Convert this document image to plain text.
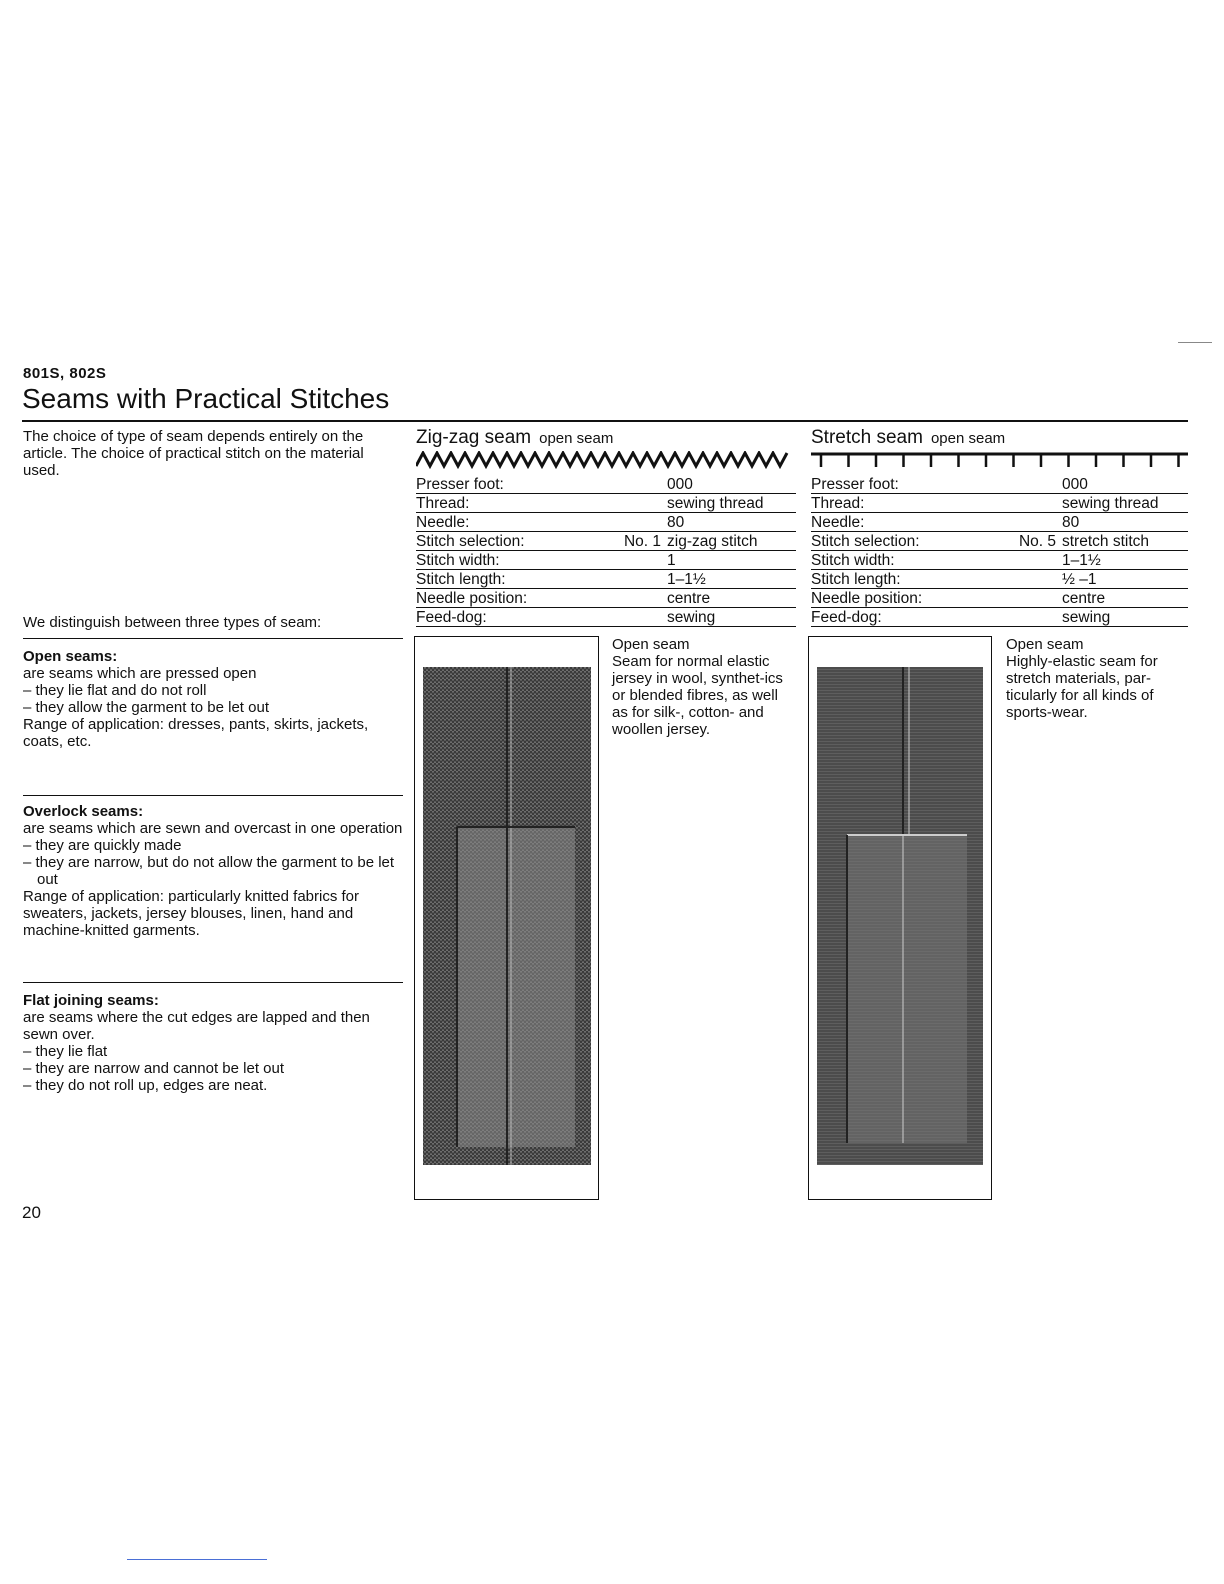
801S, 802S
Seams with Practical Stitches
The choice of type of seam depends entirely on the article. The choice of practical stitch on the material used.
We distinguish between three types of seam:

Open seams:

are seams which are pressed open

– they lie flat and do not roll

– they allow the garment to be let out

Range of application: dresses, pants, skirts, jackets, coats, etc.

Overlock seams:

are seams which are sewn and overcast in one operation

– they are quickly made

– they are narrow, but do not allow the garment to be let out

Range of application: particularly knitted fabrics for sweaters, jackets, jersey blouses, linen, hand and machine-knitted garments.

Flat joining seams:

are seams where the cut edges are lapped and then sewn over.

– they lie flat

– they are narrow and cannot be let out

– they do not roll up, edges are neat.

Zig-zag seam open seam
Presser foot:		000
Thread:		sewing thread
Needle:		80
Stitch selection:	No. 1	zig-zag stitch
Stitch width:		1
Stitch length:		1–1½
Needle position:		centre
Feed-dog:		sewing

Open seam

Seam for normal elastic jersey in wool, synthet-ics or blended fibres, as well as for silk-, cotton- and woollen jersey.

Stretch seam open seam
Presser foot:		000
Thread:		sewing thread
Needle:		80
Stitch selection:	No. 5	stretch stitch
Stitch width:		1–1½
Stitch length:		½ –1
Needle position:		centre
Feed-dog:		sewing

Open seam

Highly-elastic seam for stretch materials, par-ticularly for all kinds of sports-wear.

20
